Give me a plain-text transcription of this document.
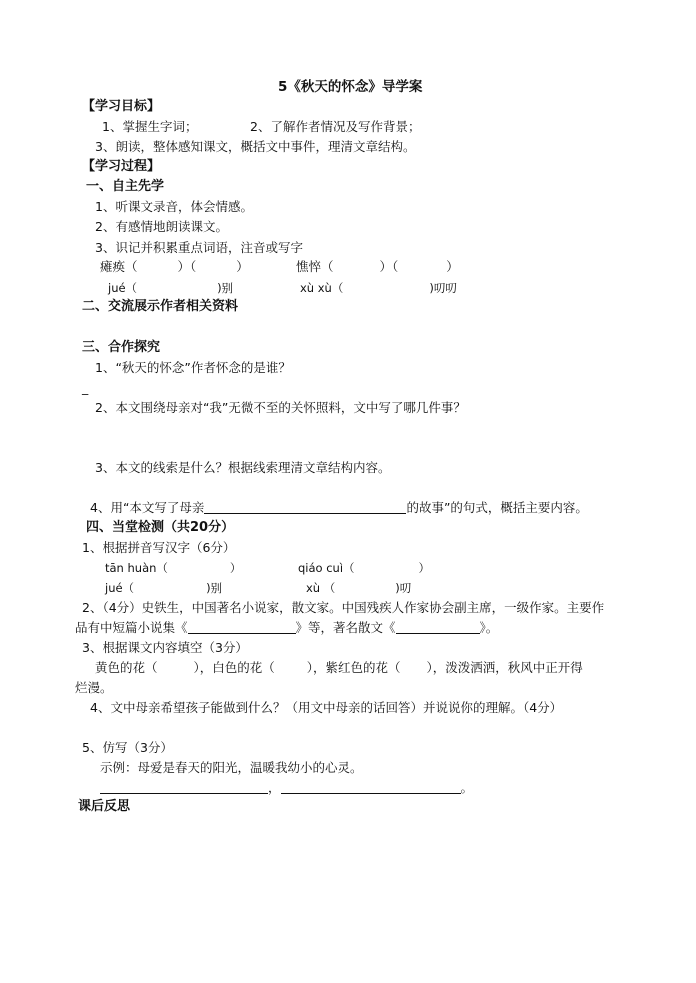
5《秋天的怀念》导学案
【学习目标】
1、掌握生字词；	2、了解作者情况及写作背景；
3、朗读，整体感知课文，概括文中事件，理清文章结构。
【学习过程】
一、自主先学
1、听课文录音，体会情感。
2、有感情地朗读课文。
3、识记并积累重点词语，注音或写字
瘫痪（	）（	）	憔悴（	）（	）
jué（	)别	xù xù（	)叨叨
二、交流展示作者相关资料
三、合作探究
1、“秋天的怀念”作者怀念的是谁？
_
2、本文围绕母亲对“我”无微不至的关怀照料，文中写了哪几件事？
3、本文的线索是什么？根据线索理清文章结构内容。
4、用“本文写了母亲	的故事”的句式，概括主要内容。
四、当堂检测（共20分）
1、根据拼音写汉字（6分）
tān huàn（	）	qiáo cuì（	）
jué（	)别	xù （	)叨
2、（4分）史铁生，中国著名小说家，散文家。中国残疾人作家协会副主席，一级作家。主要作
品有中短篇小说集《	》等，著名散文《	》。
3、根据课文内容填空（3分）
黄色的花（	），白色的花（	），紫红色的花（ ），泼泼洒洒，秋风中正开得
烂漫。
4、文中母亲希望孩子能做到什么？（用文中母亲的话回答）并说说你的理解。（4分）
5、仿写（3分）
示例：母爱是春天的阳光，温暖我幼小的心灵。
，	。
课后反思
